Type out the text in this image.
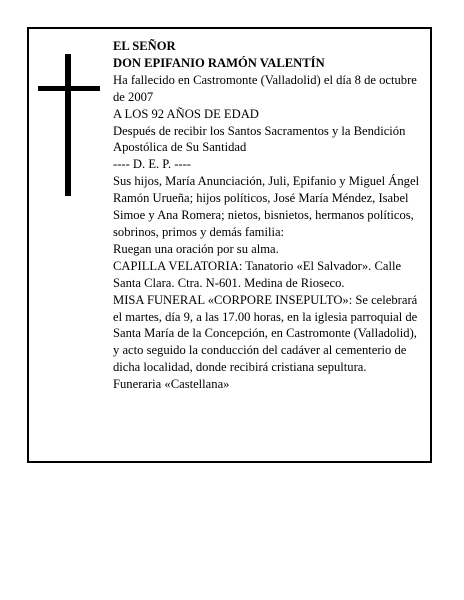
EL SEÑOR

DON EPIFANIO RAMÓN VALENTÍN

Ha fallecido en Castromonte (Valladolid) el día 8 de octubre de 2007

A LOS 92 AÑOS DE EDAD

Después de recibir los Santos Sacramentos y la Bendición Apostólica de Su Santidad

---- D. E. P. ----

Sus hijos, María Anunciación, Juli, Epifanio y Miguel Ángel Ramón Urueña; hijos políticos, José María Méndez, Isabel Simoe y Ana Romera; nietos, bisnietos, hermanos políticos, sobrinos, primos y demás familia:

Ruegan una oración por su alma.

CAPILLA VELATORIA: Tanatorio «El Salvador». Calle Santa Clara. Ctra. N-601. Medina de Rioseco.

MISA FUNERAL «CORPORE INSEPULTO»: Se celebrará el martes, día 9, a las 17.00 horas, en la iglesia parroquial de Santa María de la Concepción, en Castromonte (Valladolid), y acto seguido la conducción del cadáver al cementerio de dicha localidad, donde recibirá cristiana sepultura.

Funeraria «Castellana»
